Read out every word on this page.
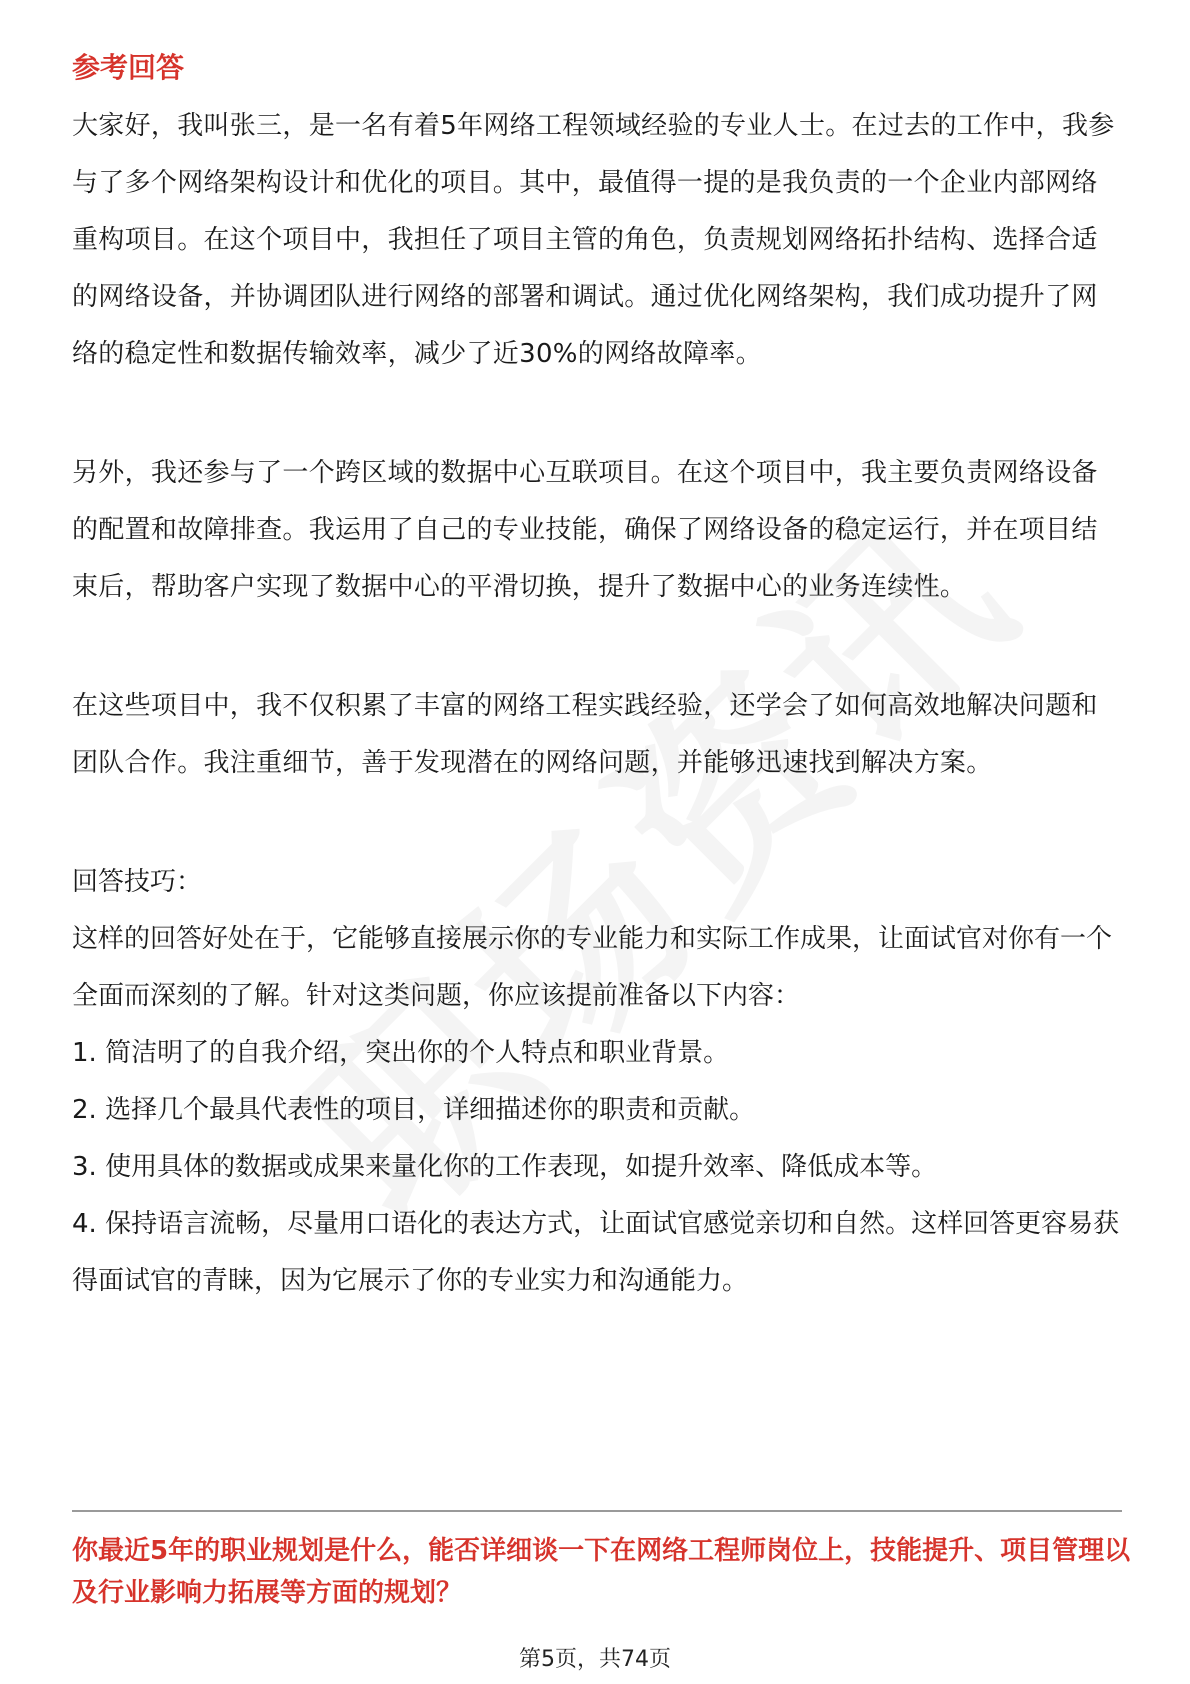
参考回答

大家好，我叫张三，是一名有着5年网络工程领域经验的专业人士。在过去的工作中，我参与了多个网络架构设计和优化的项目。其中，最值得一提的是我负责的一个企业内部网络重构项目。在这个项目中，我担任了项目主管的角色，负责规划网络拓扑结构、选择合适的网络设备，并协调团队进行网络的部署和调试。通过优化网络架构，我们成功提升了网络的稳定性和数据传输效率，减少了近30%的网络故障率。

另外，我还参与了一个跨区域的数据中心互联项目。在这个项目中，我主要负责网络设备的配置和故障排查。我运用了自己的专业技能，确保了网络设备的稳定运行，并在项目结束后，帮助客户实现了数据中心的平滑切换，提升了数据中心的业务连续性。

在这些项目中，我不仅积累了丰富的网络工程实践经验，还学会了如何高效地解决问题和团队合作。我注重细节，善于发现潜在的网络问题，并能够迅速找到解决方案。

回答技巧：

这样的回答好处在于，它能够直接展示你的专业能力和实际工作成果，让面试官对你有一个全面而深刻的了解。针对这类问题，你应该提前准备以下内容：

1. 简洁明了的自我介绍，突出你的个人特点和职业背景。

2. 选择几个最具代表性的项目，详细描述你的职责和贡献。

3. 使用具体的数据或成果来量化你的工作表现，如提升效率、降低成本等。

4. 保持语言流畅，尽量用口语化的表达方式，让面试官感觉亲切和自然。这样回答更容易获得面试官的青睐，因为它展示了你的专业实力和沟通能力。

你最近5年的职业规划是什么，能否详细谈一下在网络工程师岗位上，技能提升、项目管理以及行业影响力拓展等方面的规划？
第5页，共74页
